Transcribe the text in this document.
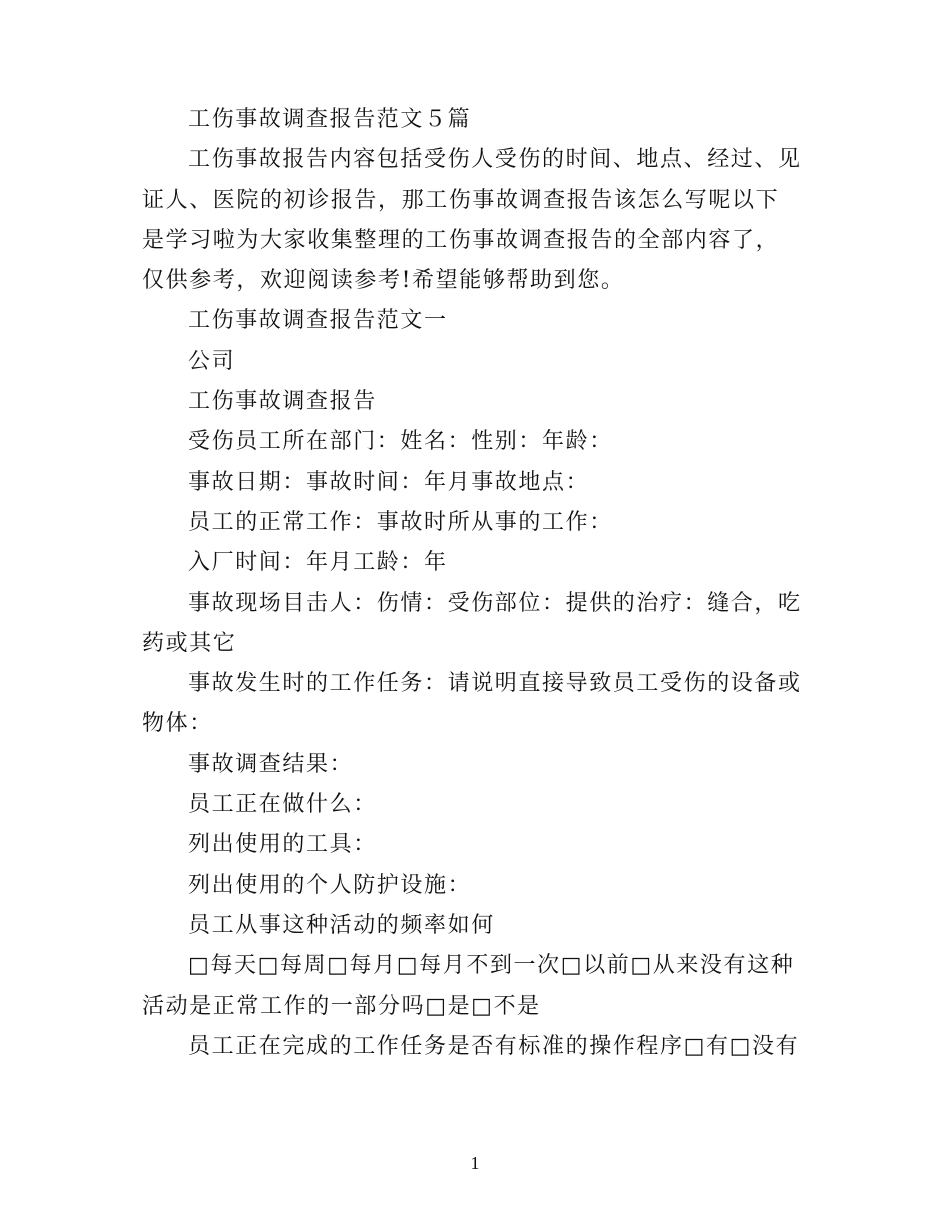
工伤事故调查报告范文５篇

工伤事故报告内容包括受伤人受伤的时间、地点、经过、见证人、医院的初诊报告，那工伤事故调查报告该怎么写呢以下是学习啦为大家收集整理的工伤事故调查报告的全部内容了，仅供参考，欢迎阅读参考!希望能够帮助到您。

工伤事故调查报告范文一

公司

工伤事故调查报告

受伤员工所在部门：姓名：性别：年龄：

事故日期：事故时间：年月事故地点：

员工的正常工作：事故时所从事的工作：

入厂时间：年月工龄：年

事故现场目击人：伤情：受伤部位：提供的治疗：缝合，吃药或其它

事故发生时的工作任务：请说明直接导致员工受伤的设备或物体：

事故调查结果：

员工正在做什么：

列出使用的工具：

列出使用的个人防护设施：

员工从事这种活动的频率如何

□每天□每周□每月□每月不到一次□以前□从来没有这种活动是正常工作的一部分吗□是□不是

员工正在完成的工作任务是否有标准的操作程序□有□没有

1
